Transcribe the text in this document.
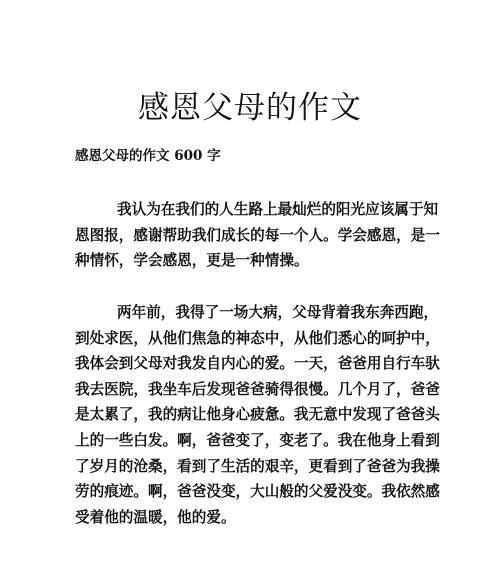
感恩父母的作文

感恩父母的作文 600 字

我认为在我们的人生路上最灿烂的阳光应该属于知
恩图报，感谢帮助我们成长的每一个人。学会感恩，是一
种情怀，学会感恩，更是一种情操。
两年前，我得了一场大病，父母背着我东奔西跑，
到处求医，从他们焦急的神态中，从他们悉心的呵护中，
我体会到父母对我发自内心的爱。一天，爸爸用自行车驮
我去医院，我坐车后发现爸爸骑得很慢。几个月了，爸爸
是太累了，我的病让他身心疲惫。我无意中发现了爸爸头
上的一些白发。啊，爸爸变了，变老了。我在他身上看到
了岁月的沧桑，看到了生活的艰辛，更看到了爸爸为我操
劳的痕迹。啊，爸爸没变，大山般的父爱没变。我依然感
受着他的温暖，他的爱。
